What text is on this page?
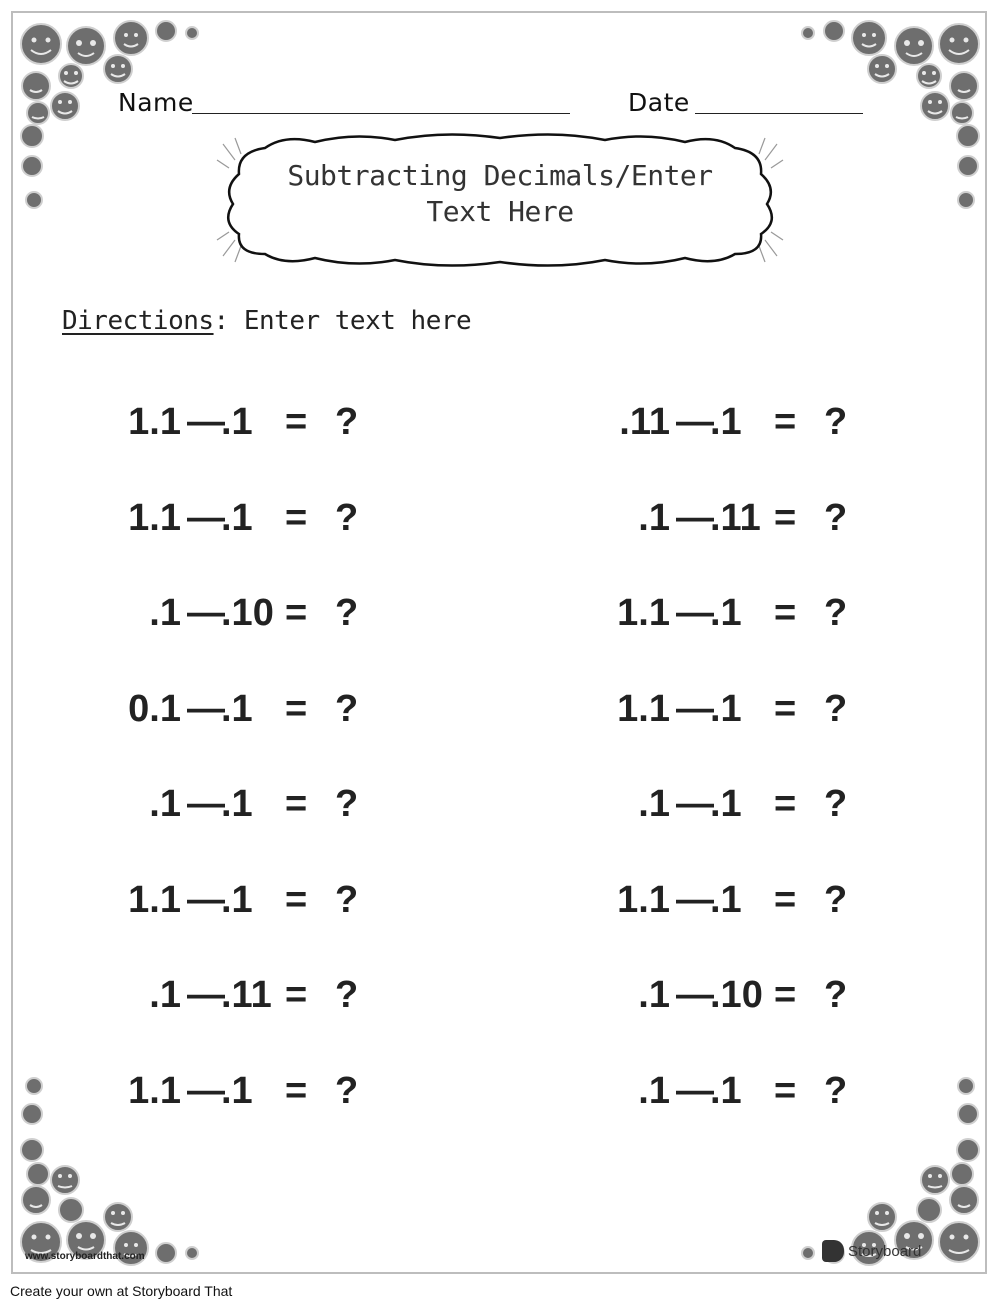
Name	Date
Subtracting Decimals/Enter
Text Here
Directions: Enter text here
1.1 —
.1 = ?
1.1 —
.1 = ?
.1 —
.10 = ?
0.1 —
.1 = ?
.1 —
.1 = ?
1.1 —
.1 = ?
.1 —
.11 = ?
1.1 —
.1 = ?
.11 —
.1 = ?
.1 —
.11 = ?
1.1 —
.1 = ?
1.1 —
.1 = ?
.1 —
.1 = ?
1.1 —
.1 = ?
.1 —
.10 = ?
.1 —
.1 = ?
www.storyboardthat.com	Storyboard
Create your own at Storyboard That
